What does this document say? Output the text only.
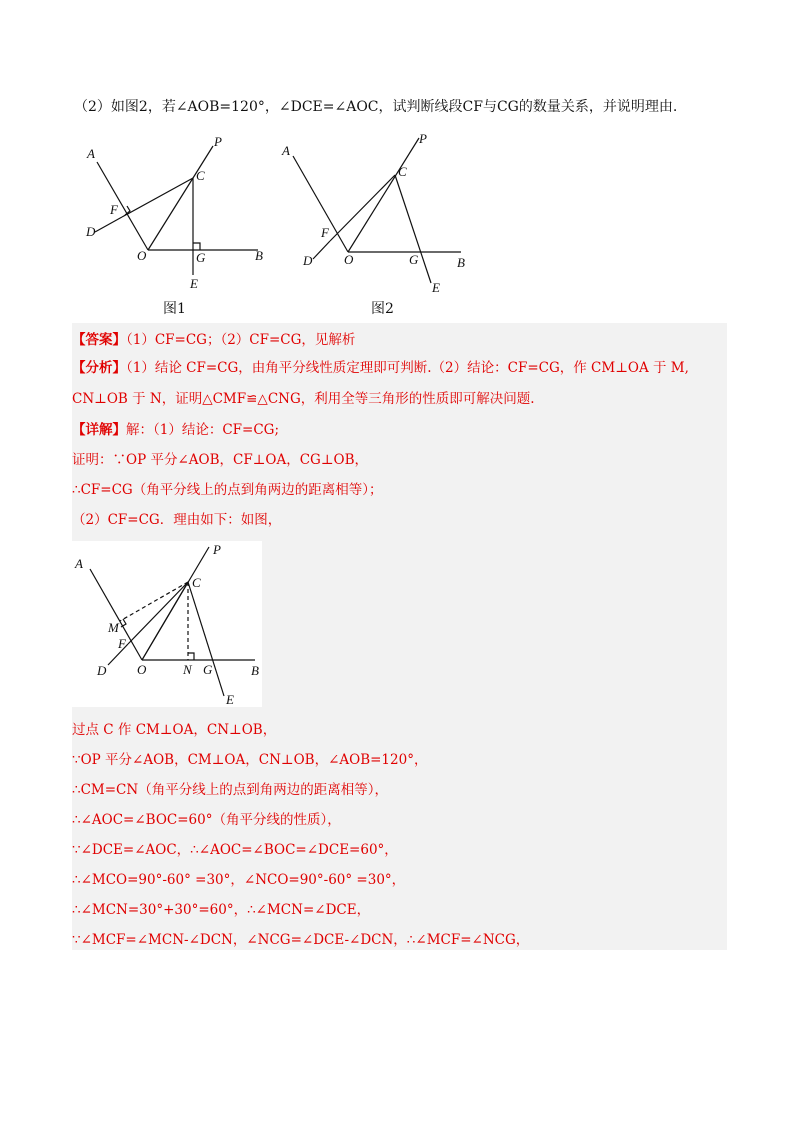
（2）如图2，若∠AOB=120°，∠DCE=∠AOC，试判断线段CF与CG的数量关系，并说明理由.
A
P
C
F
D
O	G	B
E
图1
A
P
C
F
D O	G	B
E
图2
【答案】（1）CF=CG；（2）CF=CG，见解析
【分析】（1）结论 CF=CG，由角平分线性质定理即可判断.（2）结论：CF=CG，作 CM⊥OA 于 M,
CN⊥OB 于 N，证明△CMF≌△CNG，利用全等三角形的性质即可解决问题.
【详解】解：（1）结论：CF=CG;
证明：∵OP 平分∠AOB，CF⊥OA，CG⊥OB，
∴CF=CG（角平分线上的点到角两边的距离相等）；
（2）CF=CG．理由如下：如图，
A
P
C
M
F
D O	N G	B
E
过点 C 作 CM⊥OA，CN⊥OB，
∵OP 平分∠AOB，CM⊥OA，CN⊥OB，∠AOB=120°，
∴CM=CN（角平分线上的点到角两边的距离相等），
∴∠AOC=∠BOC=60°（角平分线的性质），
∵∠DCE=∠AOC，∴∠AOC=∠BOC=∠DCE=60°，
∴∠MCO=90°-60° =30°，∠NCO=90°-60° =30°，
∴∠MCN=30°+30°=60°，∴∠MCN=∠DCE，
∵∠MCF=∠MCN-∠DCN，∠NCG=∠DCE-∠DCN，∴∠MCF=∠NCG，
